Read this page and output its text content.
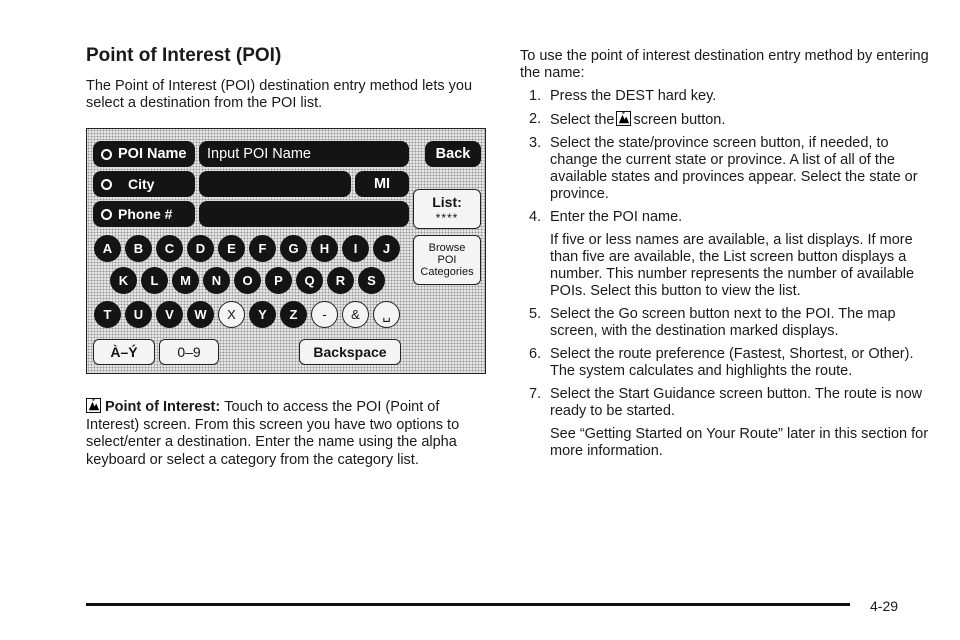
Point of Interest (POI)

The Point of Interest (POI) destination entry method lets you select a destination from the POI list.

POI Name Input POI Name	Back
City	MI
Phone #
List:
****
Browse
POI
Categories
A B C D E F G H I J
K L M N O P Q R S
T U V W X Y Z - & ␣
À–Ý	0–9	Backspace
Point of Interest: Touch to access the POI (Point of Interest) screen. From this screen you have two options to select/enter a destination. Enter the name using the alpha keyboard or select a category from the category list.

To use the point of interest destination entry method by entering the name:

1. Press the DEST hard key.

2. Select the screen button.

3. Select the state/province screen button, if needed, to change the current state or province. A list of all of the available states and provinces appear. Select the state or province.

4. Enter the POI name.

If five or less names are available, a list displays. If more than five are available, the List screen button displays a number. This number represents the number of available POIs. Select this button to view the list.

5. Select the Go screen button next to the POI. The map screen, with the destination marked displays.

6. Select the route preference (Fastest, Shortest, or Other). The system calculates and highlights the route.

7. Select the Start Guidance screen button. The route is now ready to be started.

See “Getting Started on Your Route” later in this section for more information.

4-29
